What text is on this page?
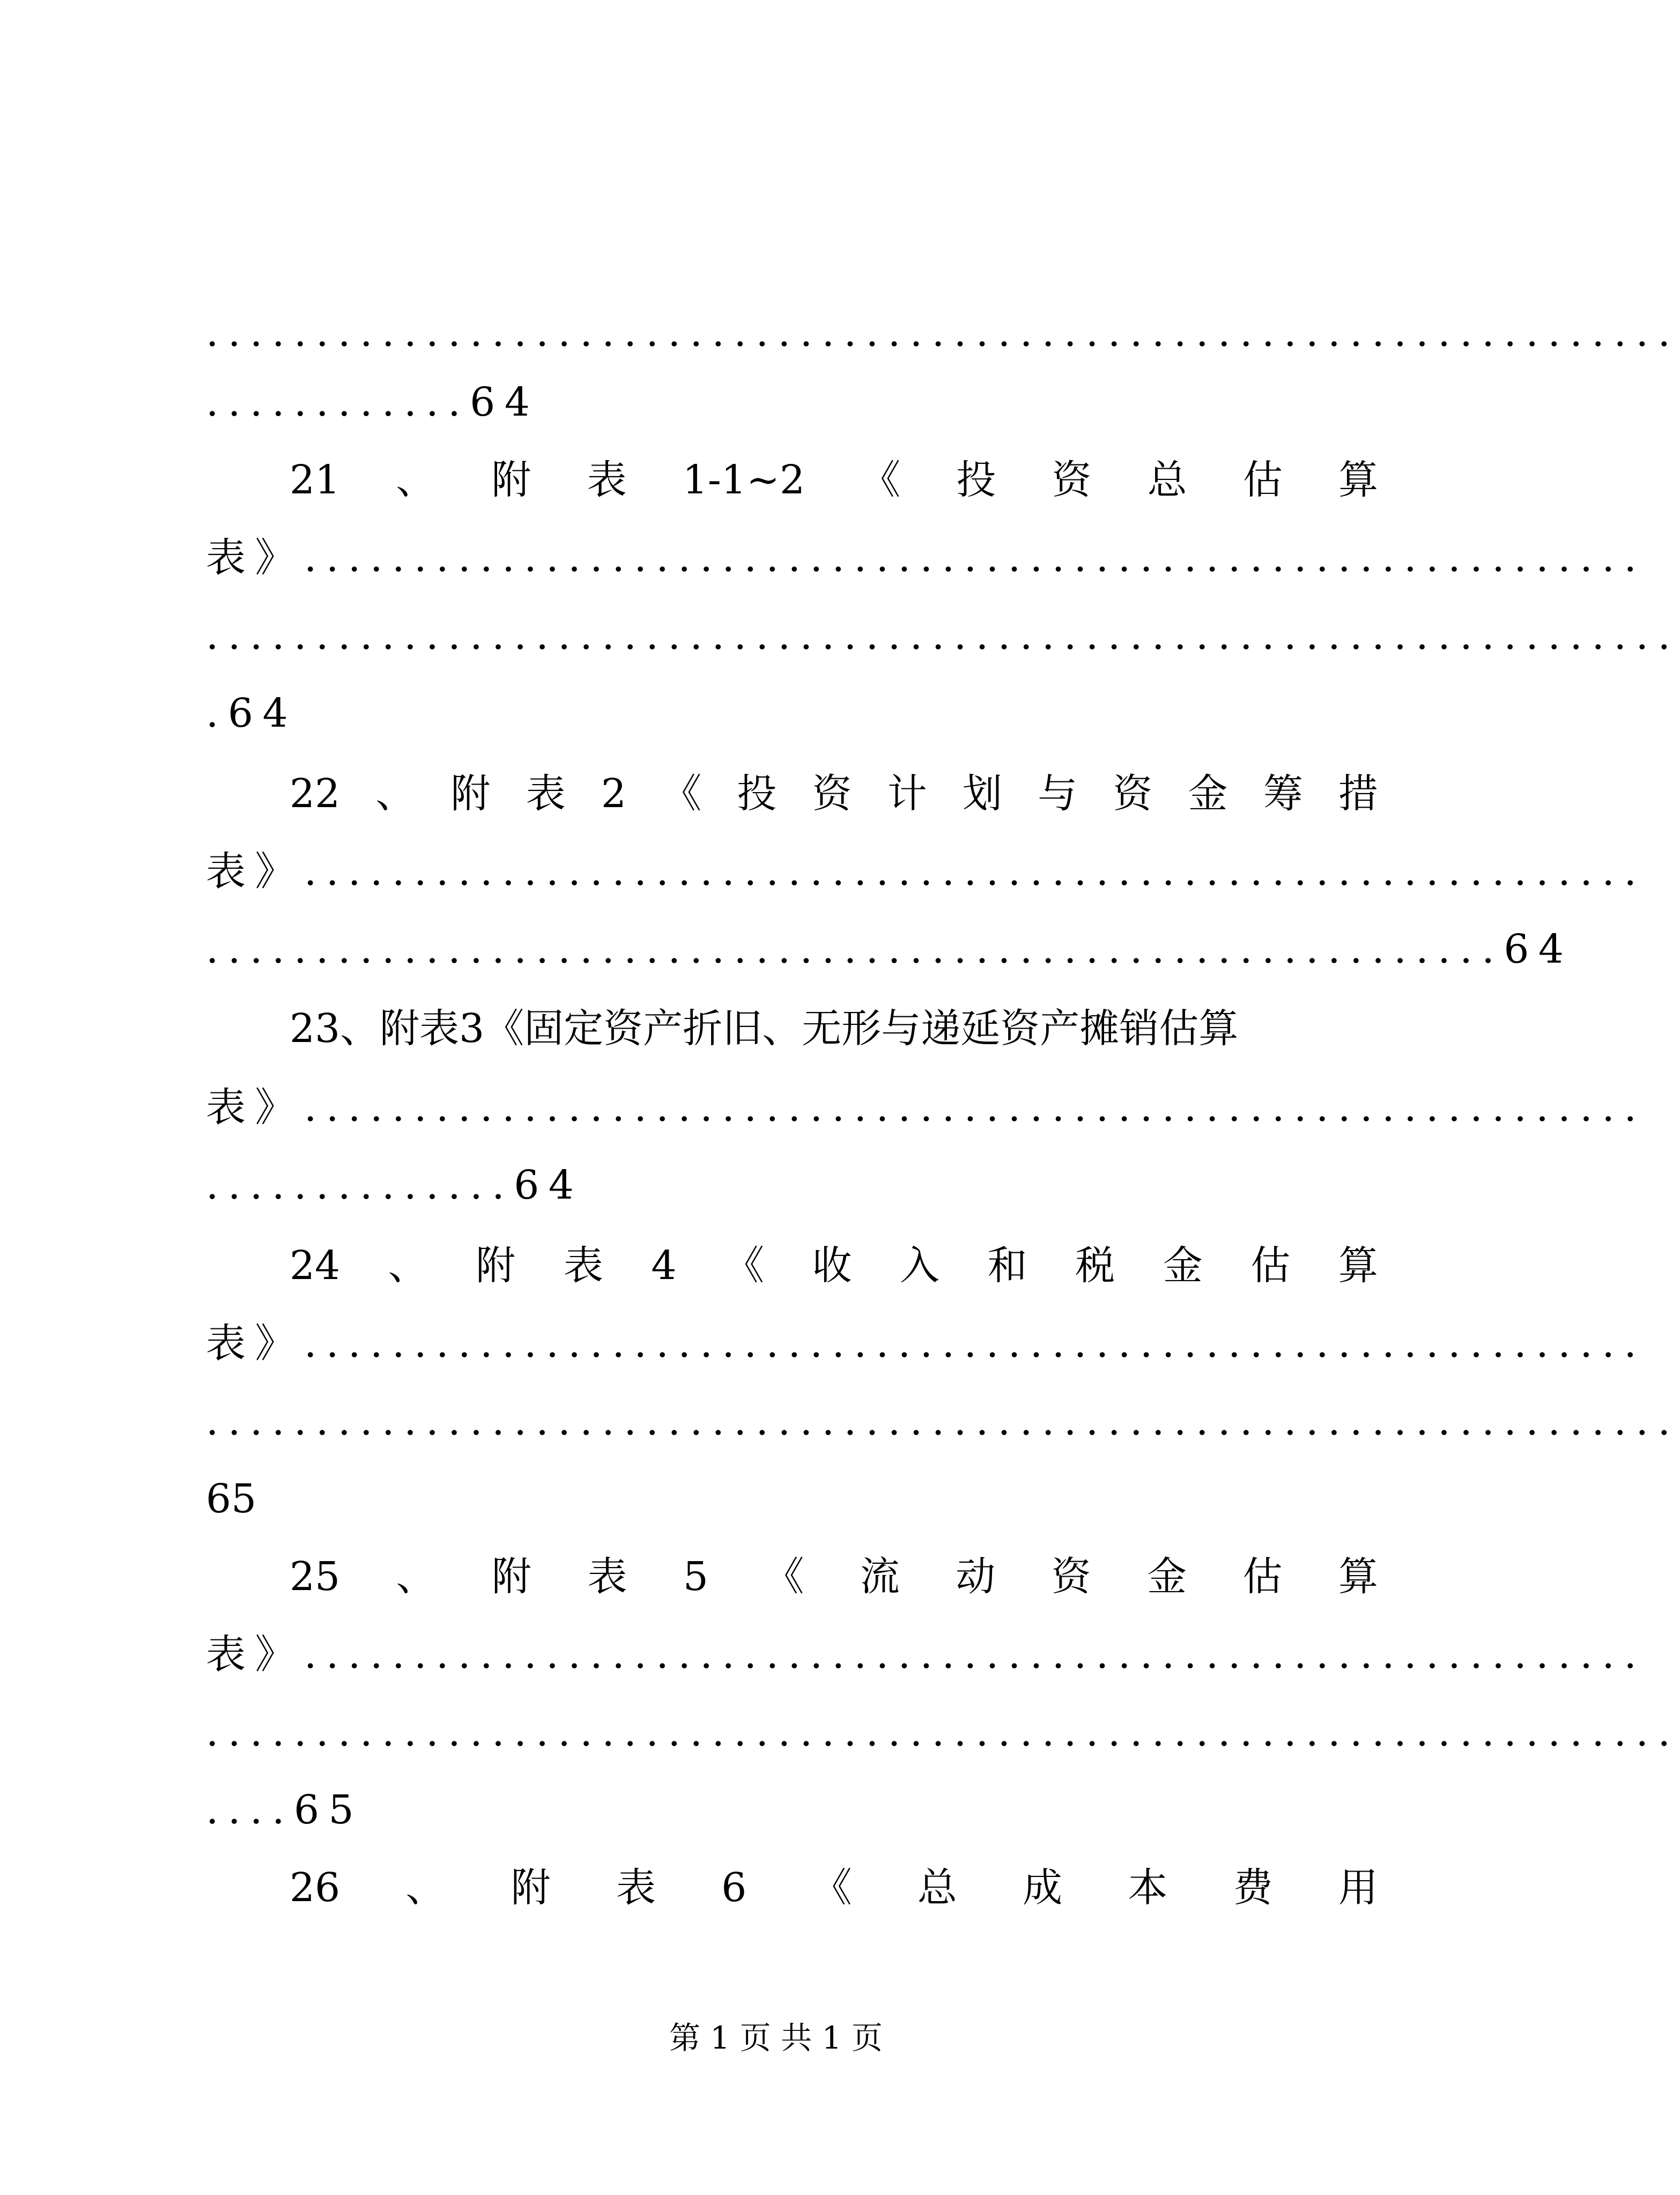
...................................................................
............64
21 、 附 表 1-1~2 《 投 资 总 估 算
表》.............................................................
...................................................................
.64
22 、 附 表 2 《 投 资 计 划 与 资 金 筹 措
表》.............................................................
...........................................................64
23、附表3《固定资产折旧、无形与递延资产摊销估算
表》.............................................................
..............64
24 、 附 表 4 《 收 入 和 税 金 估 算
表》.............................................................
...................................................................
65
25 、 附 表 5 《 流 动 资 金 估 算
表》.............................................................
...................................................................
....65
26 、 附 表 6 《 总 成 本 费 用
第 1 页 共 1 页
